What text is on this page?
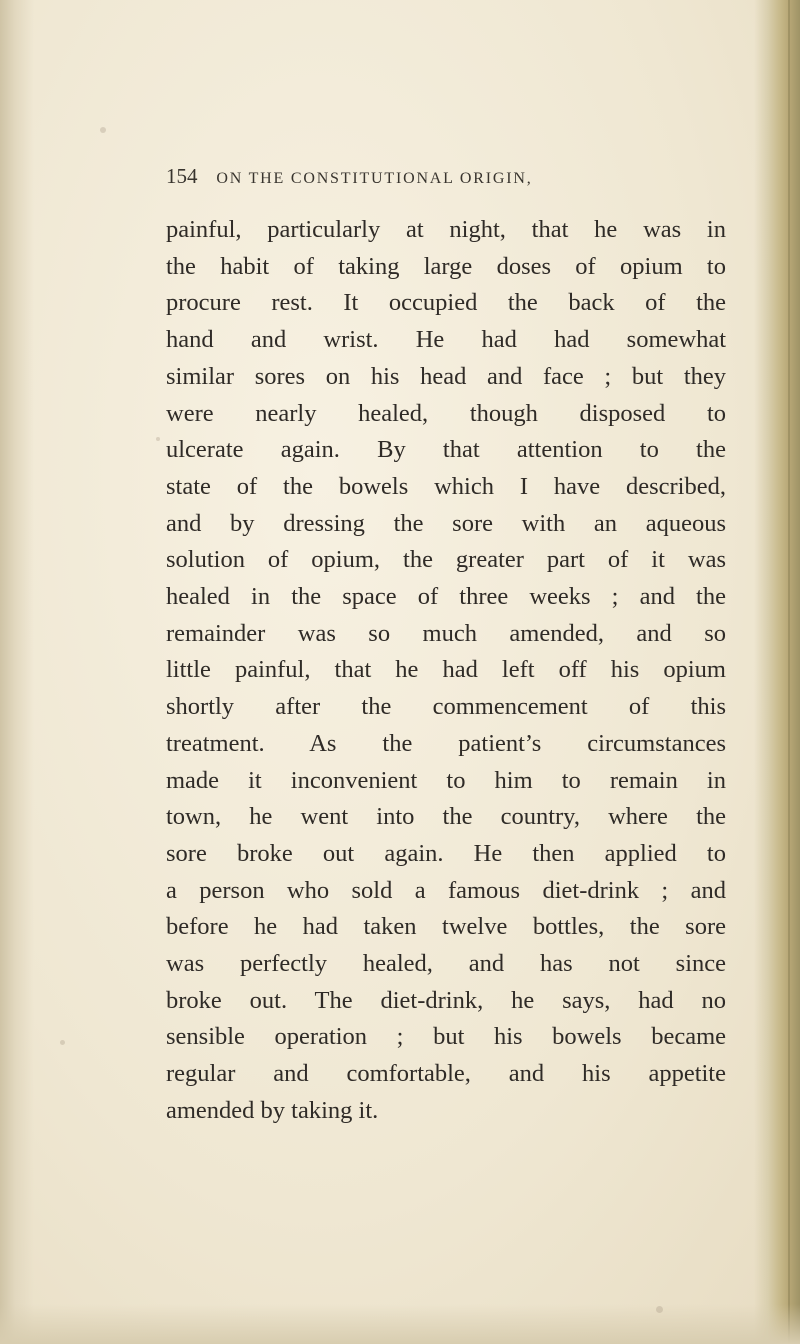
154 ON THE CONSTITUTIONAL ORIGIN,
painful, particularly at night, that he was in
the habit of taking large doses of opium to
procure rest. It occupied the back of the
hand and wrist. He had had somewhat
similar sores on his head and face ; but they
were nearly healed, though disposed to
ulcerate again. By that attention to the
state of the bowels which I have described,
and by dressing the sore with an aqueous
solution of opium, the greater part of it was
healed in the space of three weeks ; and the
remainder was so much amended, and so
little painful, that he had left off his opium
shortly after the commencement of this
treatment. As the patient’s circumstances
made it inconvenient to him to remain in
town, he went into the country, where the
sore broke out again. He then applied to
a person who sold a famous diet-drink ; and
before he had taken twelve bottles, the sore
was perfectly healed, and has not since
broke out. The diet-drink, he says, had no
sensible operation ; but his bowels became
regular and comfortable, and his appetite
amended by taking it.
